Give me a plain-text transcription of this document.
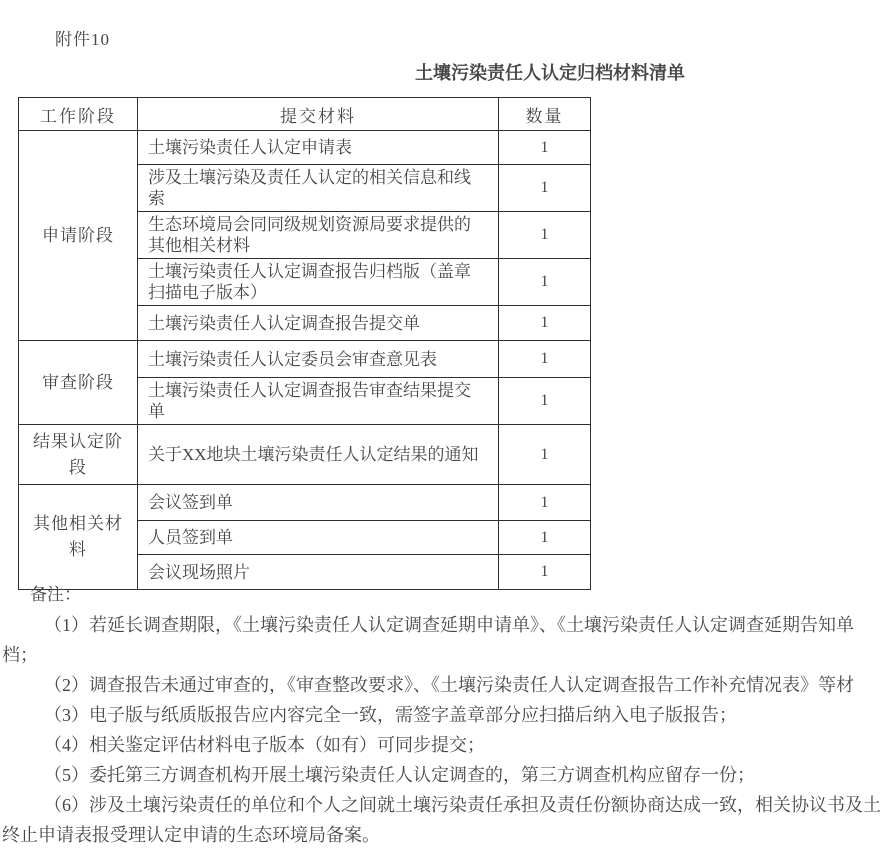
附件10
土壤污染责任人认定归档材料清单
工作阶段	提交材料	数量
申请阶段	土壤污染责任人认定申请表	1
	涉及土壤污染及责任人认定的相关信息和线索	1
	生态环境局会同同级规划资源局要求提供的其他相关材料	1
	土壤污染责任人认定调查报告归档版（盖章扫描电子版本）	1
	土壤污染责任人认定调查报告提交单	1
审查阶段	土壤污染责任人认定委员会审查意见表	1
	土壤污染责任人认定调查报告审查结果提交单	1
结果认定阶段	关于XX地块土壤污染责任人认定结果的通知	1
其他相关材料	会议签到单	1
	人员签到单	1
	会议现场照片	1
备注：
（1）若延长调查期限，《土壤污染责任人认定调查延期申请单》、《土壤污染责任人认定调查延期告知单
档；
（2）调查报告未通过审查的，《审查整改要求》、《土壤污染责任人认定调查报告工作补充情况表》等材
（3）电子版与纸质版报告应内容完全一致，需签字盖章部分应扫描后纳入电子版报告；
（4）相关鉴定评估材料电子版本（如有）可同步提交；
（5）委托第三方调查机构开展土壤污染责任人认定调查的，第三方调查机构应留存一份；
（6）涉及土壤污染责任的单位和个人之间就土壤污染责任承担及责任份额协商达成一致，相关协议书及土
终止申请表报受理认定申请的生态环境局备案。
